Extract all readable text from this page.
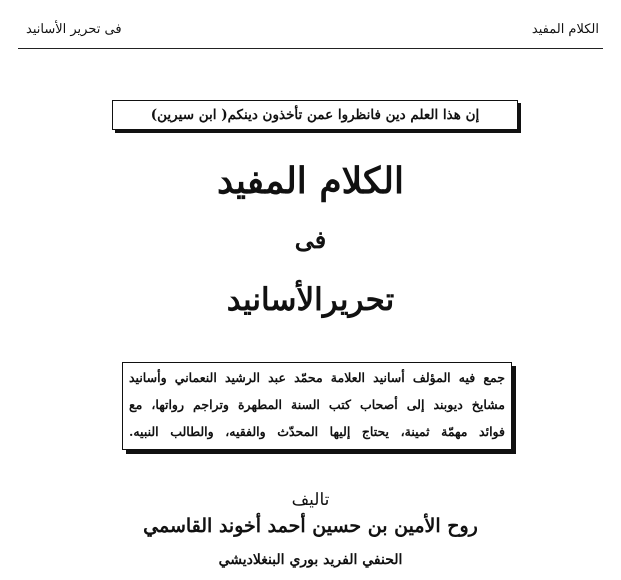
الكلام المفيد
فى تحرير الأسانيد
إن هذا العلم دين فانظروا عمن تأخذون دينكم( ابن سيرين)
الكلام المفيد
فى
تحريرالأسانيد
جمع فيه المؤلف أسانيد العلامة محمّد عبد الرشيد النعماني وأسانيد
مشايخ ديوبند إلى أصحاب كتب السنة المطهرة وتراجم رواتها، مع
فوائد مهمّة ثمينة، يحتاج إليها المحدّث والفقيه، والطالب النبيه.
تاليف
روح الأمين بن حسين أحمد أخوند القاسمي
الحنفي الفريد بوري البنغلاديشي
